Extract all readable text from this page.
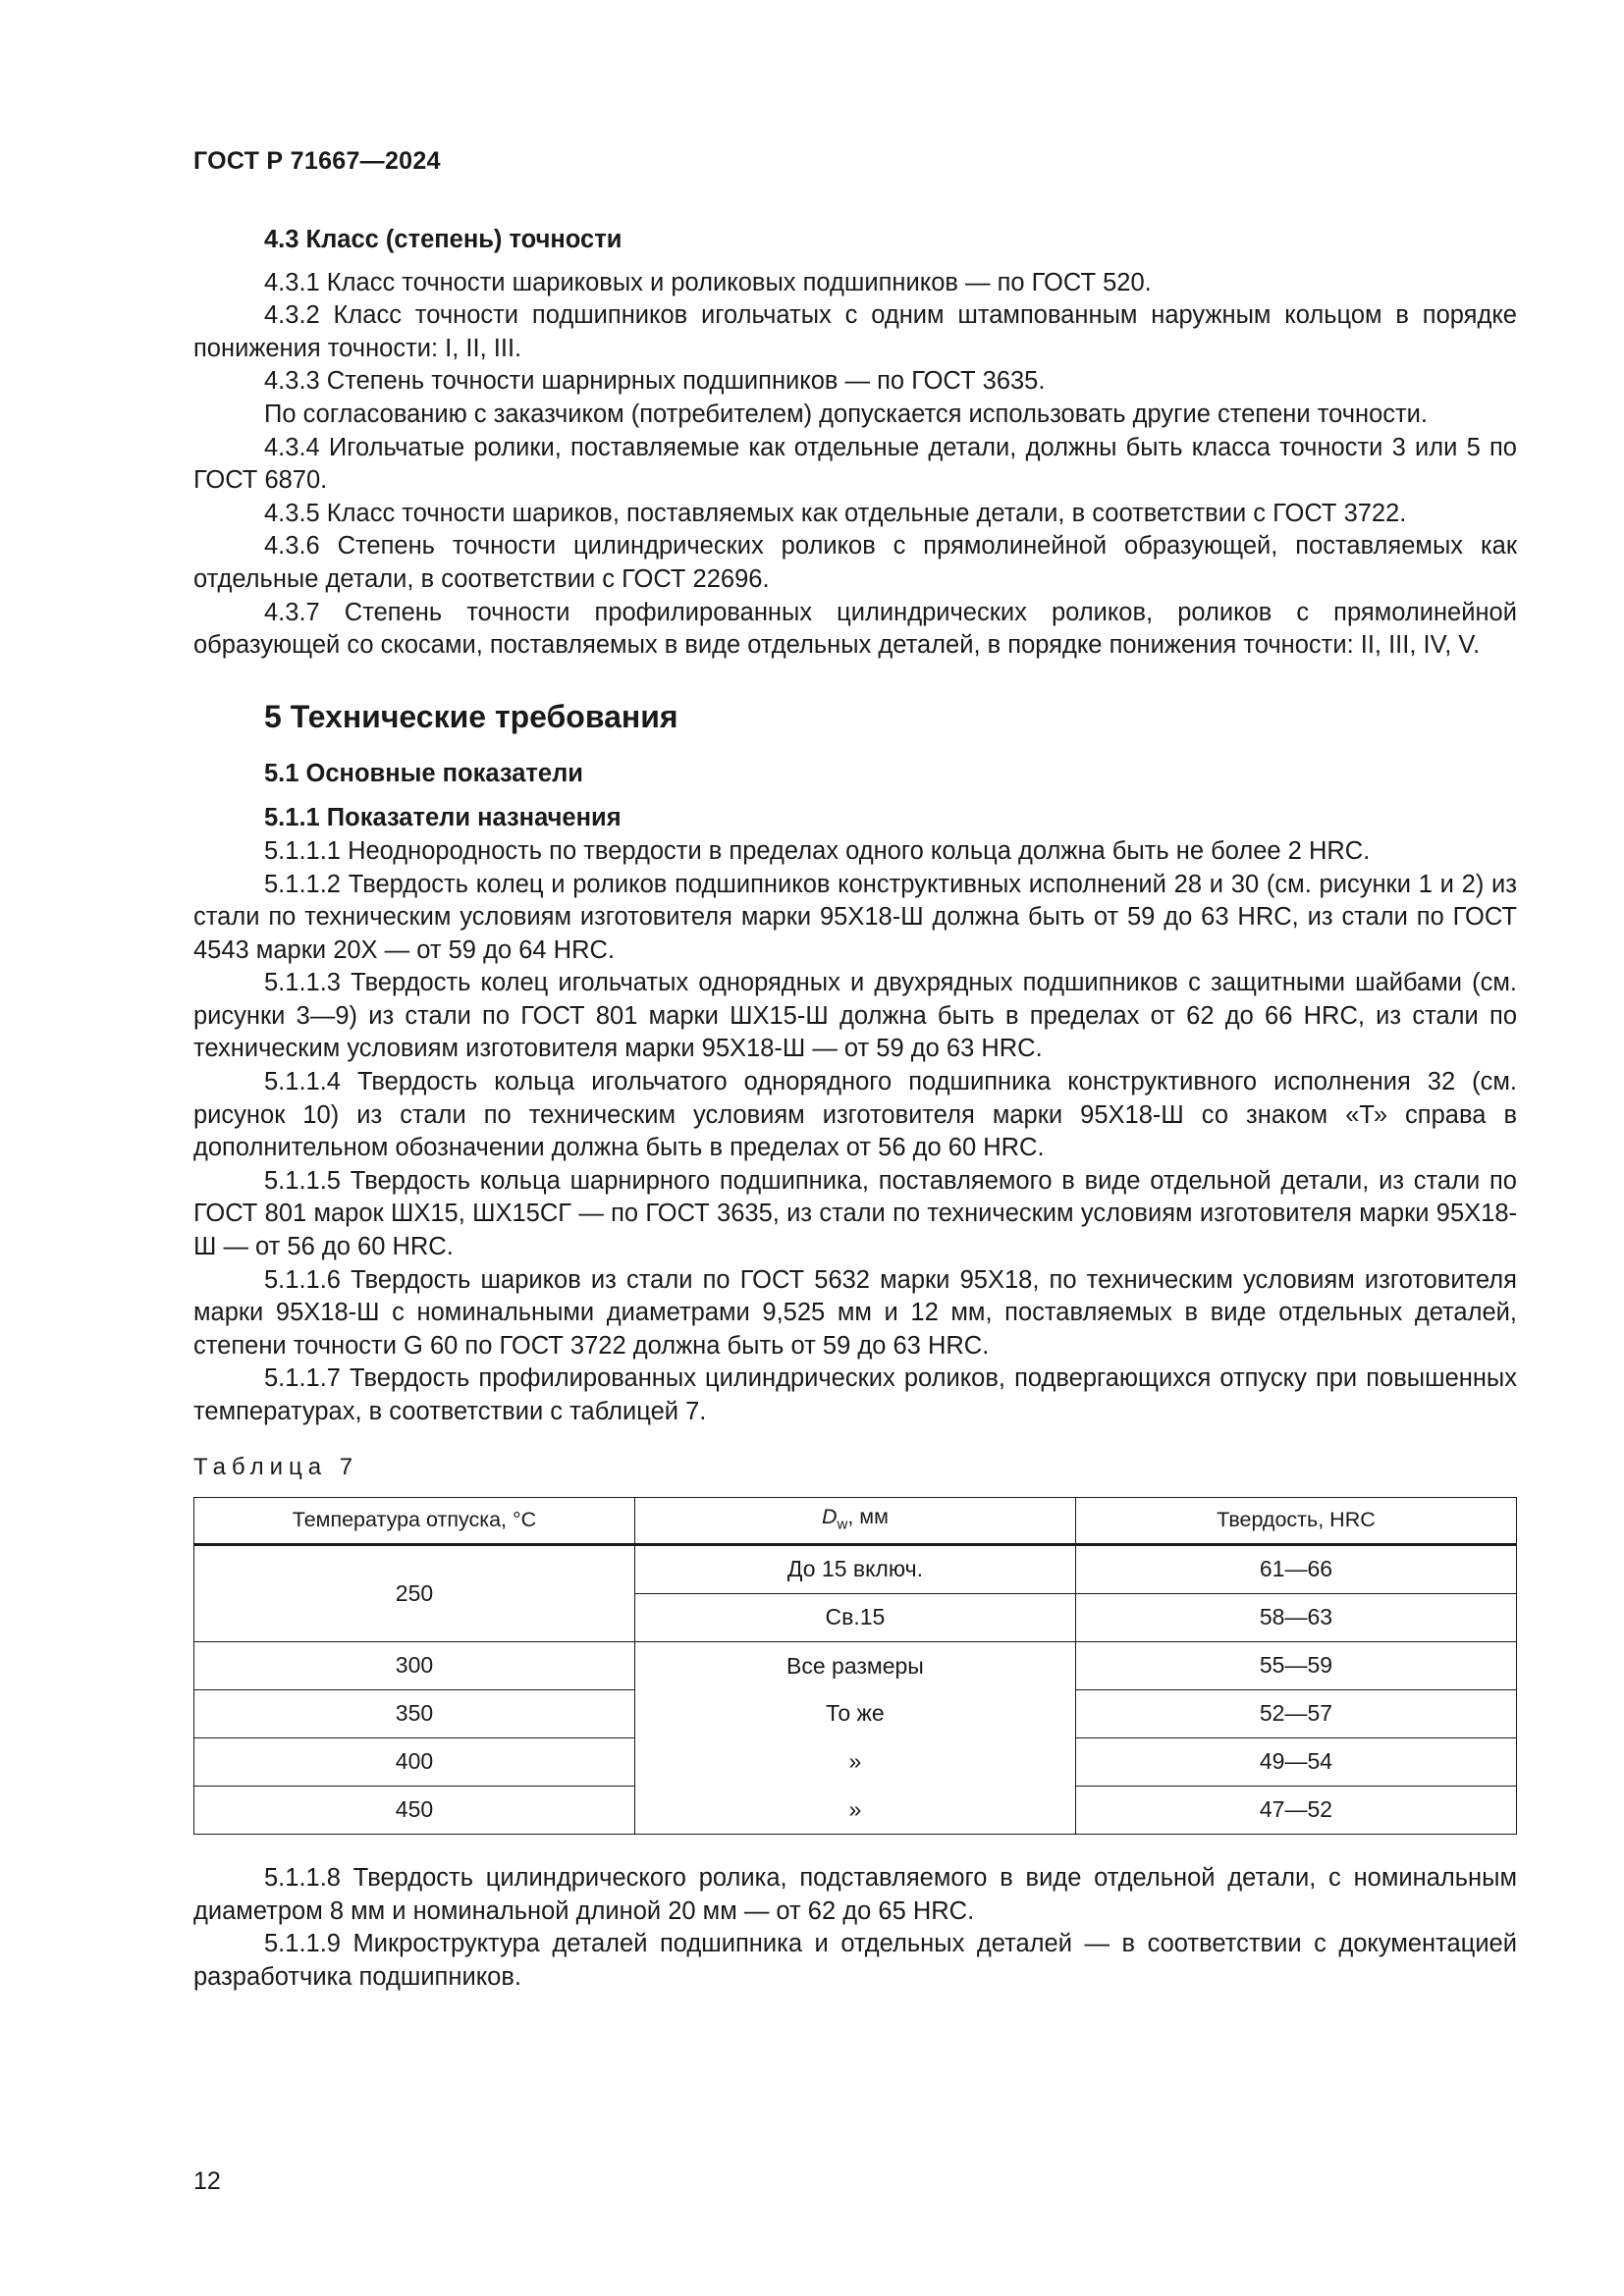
ГОСТ Р 71667—2024

4.3 Класс (степень) точности

4.3.1 Класс точности шариковых и роликовых подшипников — по ГОСТ 520.

4.3.2 Класс точности подшипников игольчатых с одним штампованным наружным кольцом в порядке понижения точности: I, II, III.

4.3.3 Степень точности шарнирных подшипников — по ГОСТ 3635.

По согласованию с заказчиком (потребителем) допускается использовать другие степени точности.

4.3.4 Игольчатые ролики, поставляемые как отдельные детали, должны быть класса точности 3 или 5 по ГОСТ 6870.

4.3.5 Класс точности шариков, поставляемых как отдельные детали, в соответствии с ГОСТ 3722.

4.3.6 Степень точности цилиндрических роликов с прямолинейной образующей, поставляемых как отдельные детали, в соответствии с ГОСТ 22696.

4.3.7 Степень точности профилированных цилиндрических роликов, роликов с прямолинейной образующей со скосами, поставляемых в виде отдельных деталей, в порядке понижения точности: II, III, IV, V.

5 Технические требования

5.1 Основные показатели

5.1.1 Показатели назначения

5.1.1.1 Неоднородность по твердости в пределах одного кольца должна быть не более 2 HRC.

5.1.1.2 Твердость колец и роликов подшипников конструктивных исполнений 28 и 30 (см. рисунки 1 и 2) из стали по техническим условиям изготовителя марки 95Х18-Ш должна быть от 59 до 63 HRC, из стали по ГОСТ 4543 марки 20Х — от 59 до 64 HRC.

5.1.1.3 Твердость колец игольчатых однорядных и двухрядных подшипников с защитными шайбами (см. рисунки 3—9) из стали по ГОСТ 801 марки ШХ15-Ш должна быть в пределах от 62 до 66 HRC, из стали по техническим условиям изготовителя марки 95Х18-Ш — от 59 до 63 HRC.

5.1.1.4 Твердость кольца игольчатого однорядного подшипника конструктивного исполнения 32 (см. рисунок 10) из стали по техническим условиям изготовителя марки 95Х18-Ш со знаком «Т» справа в дополнительном обозначении должна быть в пределах от 56 до 60 HRC.

5.1.1.5 Твердость кольца шарнирного подшипника, поставляемого в виде отдельной детали, из стали по ГОСТ 801 марок ШХ15, ШХ15СГ — по ГОСТ 3635, из стали по техническим условиям изготовителя марки 95Х18-Ш — от 56 до 60 HRC.

5.1.1.6 Твердость шариков из стали по ГОСТ 5632 марки 95Х18, по техническим условиям изготовителя марки 95Х18-Ш с номинальными диаметрами 9,525 мм и 12 мм, поставляемых в виде отдельных деталей, степени точности G 60 по ГОСТ 3722 должна быть от 59 до 63 HRC.

5.1.1.7 Твердость профилированных цилиндрических роликов, подвергающихся отпуску при повышенных температурах, в соответствии с таблицей 7.

Таблица 7

Температура отпуска, °С	$D_w$, мм	Твердость, HRC
250	До 15 включ.	61—66
	Св.15	58—63
300	Все размеры	55—59
350	То же	52—57
400	»	49—54
450	»	47—52

5.1.1.8 Твердость цилиндрического ролика, подставляемого в виде отдельной детали, с номинальным диаметром 8 мм и номинальной длиной 20 мм — от 62 до 65 HRC.

5.1.1.9 Микроструктура деталей подшипника и отдельных деталей — в соответствии с документацией разработчика подшипников.

12
